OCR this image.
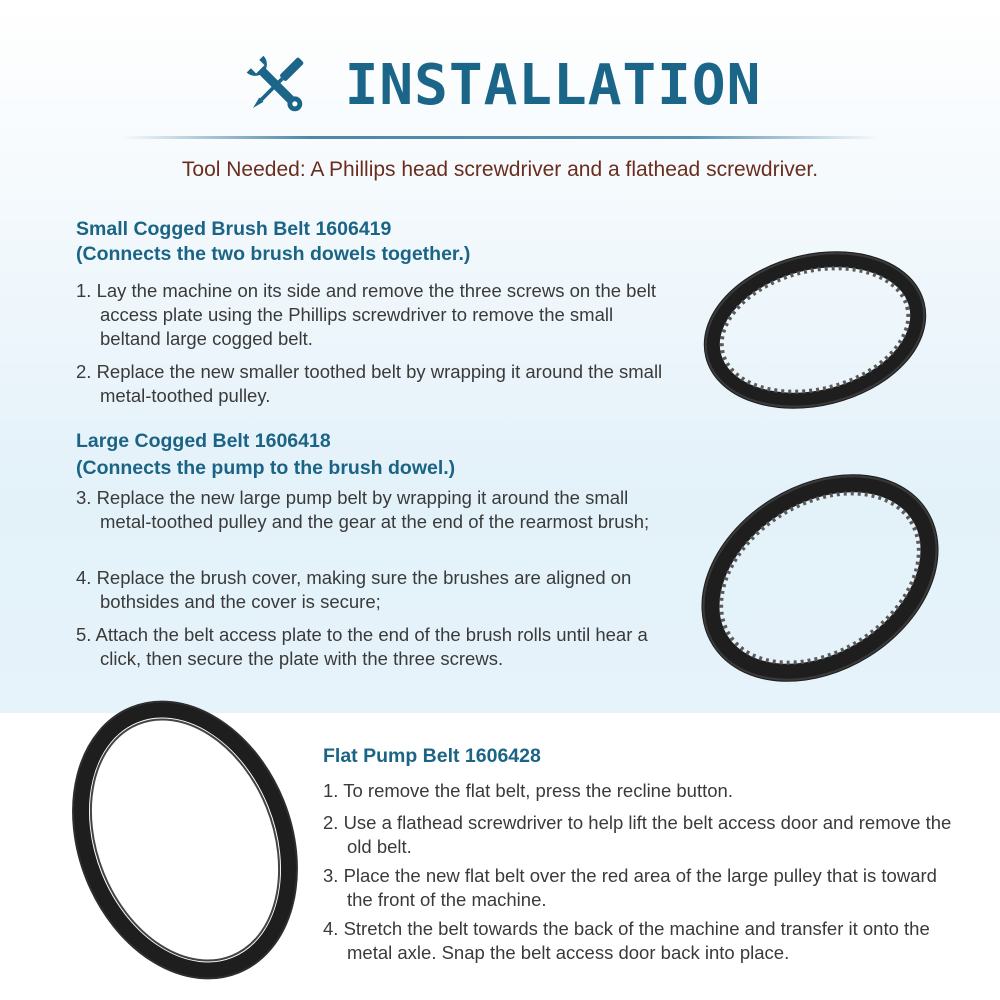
INSTALLATION
Tool Needed: A Phillips head screwdriver and a flathead screwdriver.
Small Cogged Brush Belt 1606419
(Connects the two brush dowels together.)
1. Lay the machine on its side and remove the three screws on the belt access plate using the Phillips screwdriver to remove the small beltand large cogged belt.
2. Replace the new smaller toothed belt by wrapping it around the small metal-toothed pulley.
Large Cogged Belt 1606418
(Connects the pump to the brush dowel.)
3. Replace the new large pump belt by wrapping it around the small metal-toothed pulley and the gear at the end of the rearmost brush;
4. Replace the brush cover, making sure the brushes are aligned on bothsides and the cover is secure;
5. Attach the belt access plate to the end of the brush rolls until hear a click, then secure the plate with the three screws.
Flat Pump Belt 1606428
1. To remove the flat belt, press the recline button.
2. Use a flathead screwdriver to help lift the belt access door and remove the old belt.
3. Place the new flat belt over the red area of the large pulley that is toward the front of the machine.
4. Stretch the belt towards the back of the machine and transfer it onto the metal axle. Snap the belt access door back into place.
